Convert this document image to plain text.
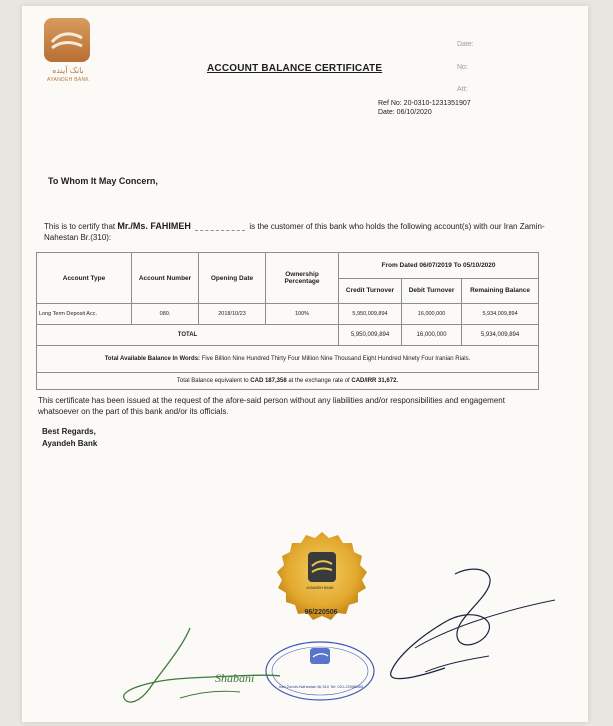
بانک آینده
AYANDEH BANK
ACCOUNT BALANCE CERTIFICATE
Date:
No:
Att:
Ref No: 20-0310-1231351907
Date: 06/10/2020
To Whom It May Concern,
This is to certify that Mr./Ms. FAHIMEH	is the customer of this bank who holds the following account(s) with our Iran Zamin-Nahestan Br.(310):
Account Type	Account Number	Opening Date	Ownership Percentage	From Dated 06/07/2019 To 05/10/2020		
				Credit Turnover	Debit Turnover	Remaining Balance
Long Term Deposit Acc.	080.	2018/10/23	100%	5,950,009,894	16,000,000	5,934,009,894
TOTAL				5,950,009,894	16,000,000	5,934,009,894
Total Available Balance In Words: Five Billion Nine Hundred Thirty Four Million Nine Thousand Eight Hundred Ninety Four Iranian Rials.						
Total Balance equivalent to CAD 187,358 at the exchange rate of CAD/IRR 31,672.						
This certificate has been issued at the request of the afore-said person without any liabilities and/or responsibilities and engagement whatsoever on the part of this bank and/or its officials.
Best Regards,
Ayandeh Bank
AYANDEH BANK
96/220506
Iran Zamin-Nahestan Br.310 Tel: 021-22086865
Shabani
